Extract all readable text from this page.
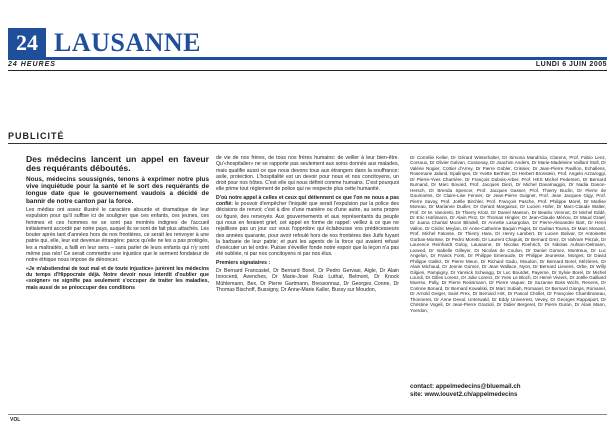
24 LAUSANNE
24 HEURES	LUNDI 6 JUIN 2005
PUBLICITÉ

Des médecins lancent un appel en faveur des requérants déboutés.

Nous, médecins soussignés, tenons à exprimer notre plus vive inquiétude pour la santé et le sort des requérants de longue date que le gouvernement vaudois a décidé de bannir de notre canton par la force.

Les médias ont assez illustré le caractère absurde et dramatique de leur expulsion pour qu'il suffise ici de souligner que ces enfants, ces jeunes, ces femmes et ces hommes ne se sont pas montrés indignes de l'accueil initialement accordé par notre pays, auquel ils se sont de fait plus attachés. Les bouter après tant d'années hors de nos frontières, ce serait les renvoyer à une patrie qui, elle, leur est devenue étrangère: parce qu'elle ne les a pas protégés, les a maltraités, a failli en leur sens – sans parler de leurs enfants qui n'y sont même pas nés! Ce serait commettre une injustice que le serment fondateur de notre éthique nous impose de dénoncer.

«Je m'abstiendrai de tout mal et de toute injustice» jurèrent les médecins du temps d'Hippocrate déjà. Notre devoir nous interdit d'oublier que «soigner» ne signifie pas seulement s'occuper de traiter les maladies, mais aussi de se préoccuper des conditions

de vie de nos frères, de tous nos frères humains: de veiller à leur bien-être. Qu'«hospitalier» ne se rapporte pas seulement aux soins donnés aux malades, mais qualifie aussi ce que nous devons tous aux étrangers dans la souffrance: asile, protection. L'hospitalité est un devoir pour nous et nos concitoyens, un droit pour nos hôtes. C'est elle qui nous définit comme humains. C'est pourquoi elle prime tout règlement de police qui ne respecte plus cette humanité.

D'où notre appel à celles et ceux qui détiennent ce que l'on ne nous a pas confié: le pouvoir d'empêcher l'iniquité que serait l'expulsion par la police des décisions de renvoi; c'est à dire d'une manière ou d'une autre, au sens propre ou figuré, des renvoyés. Aux gouvernements et aux représentants du peuple qui nous en feraient grief, cet appel en forme de rappel: veillez à ce que ne rejaillisse pas un jour sur vous l'opprobre qui éclabousse vos prédécesseurs des années quarante, pour avoir refoulé hors de nos frontières des Juifs fuyant la barbarie de leur patrie; et puni les agents de la force qui avaient refusé d'exécuter un tel ordre. Puisse s'éveiller fonde notre espoir que la leçon n'a pas été oubliée, ni par nos concitoyens ni par nos élus.

Premiers signataires :

Dr Bernard Francastel, Dr Bernard Borel, Dr Pedro Gervasi, Aigle, Dr Alain Innocenti, Avenches, Dr Marie-José Ruiz Luthal, Belmont, Dr Knock Mühlemann, Bex, Dr Pierre Gartmann, Bressonnaz, Dr Georges Conne, Dr Thomas Bischoff, Bussigny, Dr Anne-Marie Kaller, Bussy sur Moudon,

Dr Cornélie Keller, Dr Gérard Winterhalter, Dr Simona Mandricia, Clarens, Prof. Fabio Lenz, Corsoux, Dr Olivier Galvan, Cossonay, Dr Joachim Anders, Dr Marie-Madeleine Vaillant Stoll, Dr Valérie Nogier, Cottier d'Arrey, Dr Pierre Gobler, Crissier, Dr Jean-Pierre Pavillon, Echallens, Rosemarie Jaland, Epalinges, Dr Yvette Berthier, Dr Herbert Bronstein, Prof. Angelo Azzaroggi, Dr Pierre-Yves Charrière, Dr François Dubois-Arber, Prof. HES Michel Pedersen, Dr Bernard Burnand, Dr Marc Bovard, Prof. Jacques Diezi, Dr Michel Davarnaggio, Dr Nadia Danon-Hersch, Dr Brenda Spencer, Prof. Jacques Gasser, Prof. Thierry Buclin, Dr Pierre de Goumoëns, Dr Claire-Lise Fenner, Dr Jean-Pierre Guignet, Prof. Jean Jacques Gigy, Prof. Pierre Savoy, Prof. Joëlle Birchler, Prof. François Pasche, Prof. Philippe Morel, Dr Marlise Moreau, Dr Marianne Dudler, Dr Gerard Margairaz, Dr Lucien Hofer, Dr Marc-Claude Walter, Prof. Dr M. Vanoretti, Dr Thierry Klotz, Dr Daniel Maeson, Dr Beatrix Viennot, Dr Michel Eddé, Dr Eric Hürlimann, Dr Alain Pinz, Dr Thomas Hingler, Dr Jean-Claude Ménou, Dr Maud Graef, Dr Juana Chantal Moon Blindell, Dr Annette Lasurgolan, Dr Pierre-Alexandre Bart, Dr Henri Vallon, Dr Cédric Meylan, Dr Anne-Catherine Baquin Paget, Dr Gaétan Touma, Dr Marc Monard, Prof. Michel Fatosse, Dr Thierry Hara, Dr Henry Lambert, Dr Lucien Bolivar, Dr Antoinette Gorban-Morisse, Dr Pedro Moretti, Dr Laurent Chapuis, Dr Bernard Grez, Dr Vahram Pinzuk, Dr Laurence Reinhardt Goloy, Lausanne, Dr Nicolas Roehrich, Dr Nikolas Aufsan-Oelmann, Leaved, Dr Isabelle Gilleyer, Dr Nicolas de Coulon, Dr Daniel Gomez, Montreux, Dr Luc Angelon, Dr Franck Fonti, Dr Philippe Emeraude, Dr Philippe Jeunesse, Morges, Dr David Philippe Gallez, Dr Pierre Meun, Dr Richard Gadu, Moudon, Dr Bernard Borel, Mézières, Dr Alain Michaud, Dr Jennie Gomez, Dr Jean Wallace, Nyon, Dr Bernard Lievens, Orbe, Dr Willy Gilgien, Pampigny, Dr Yannick Schwagg, Dr Luc Bourdet, Payerne, Dr Sylvie Borel, Dr Michel Lourdi, Dr Gilles Lorenz, Dr Julie Lorenz, Dr Yves Le Bloch, Dr Hervé Viviers, Dr Joëlle Gailliard Muerso, Pully, Dr Pierre Reissmann, Dr Pierre Vaquer, Dr Suzanne Boss Wicht, Renens, Dr Corinne Bonard, Dr Bernard Kowalski, Dr Marc Subiah, Romanel, Dr Bernard Giorgis, Romanel, Dr Arnold Geiger, Saint Prex, Dr Bernard Hirt, Dr Pascal Chollet, Dr Françoise Chambraneau, Thonneret, Dr Anne Deval, Unterwald, Dr Eddy Univerrest, Vevey, Dr Georges Rappaport, Dr Christine Vogeli, Dr Jean-Pierre Grazioli, Dr Didier Bergeret, Dr Pierre Duran, Dr Alain Mann, Yverdon,

contact: appelmedecins@bluemail.ch
site: www.louvet2.ch/appelmedecins
VOL
